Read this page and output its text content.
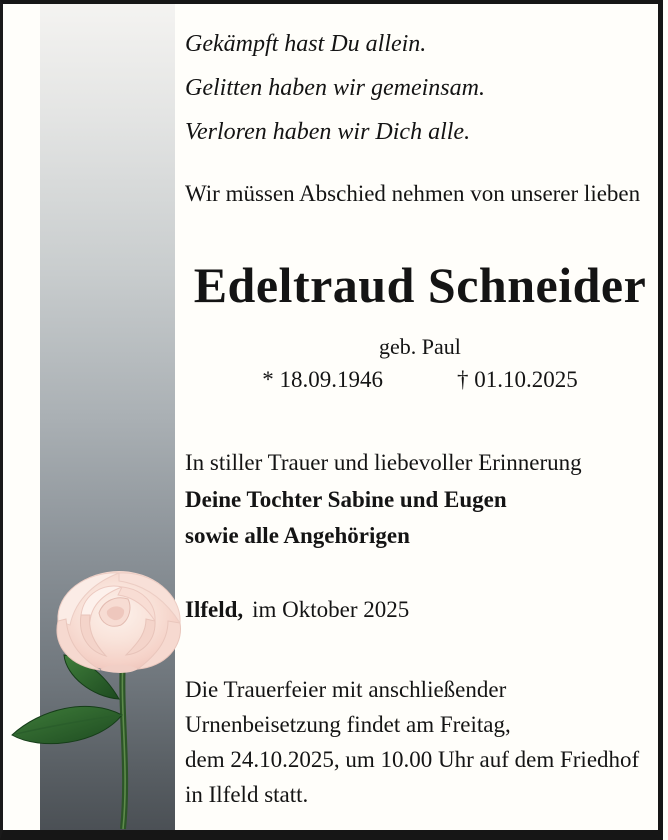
Gekämpft hast Du allein.
Gelitten haben wir gemeinsam.
Verloren haben wir Dich alle.
Wir müssen Abschied nehmen von unserer lieben
Edeltraud Schneider
geb. Paul
* 18.09.1946	† 01.10.2025
In stiller Trauer und liebevoller Erinnerung
Deine Tochter Sabine und Eugen
sowie alle Angehörigen
Ilfeld, im Oktober 2025
Die Trauerfeier mit anschließender
Urnenbeisetzung findet am Freitag,
dem 24.10.2025, um 10.00 Uhr auf dem Friedhof
in Ilfeld statt.
